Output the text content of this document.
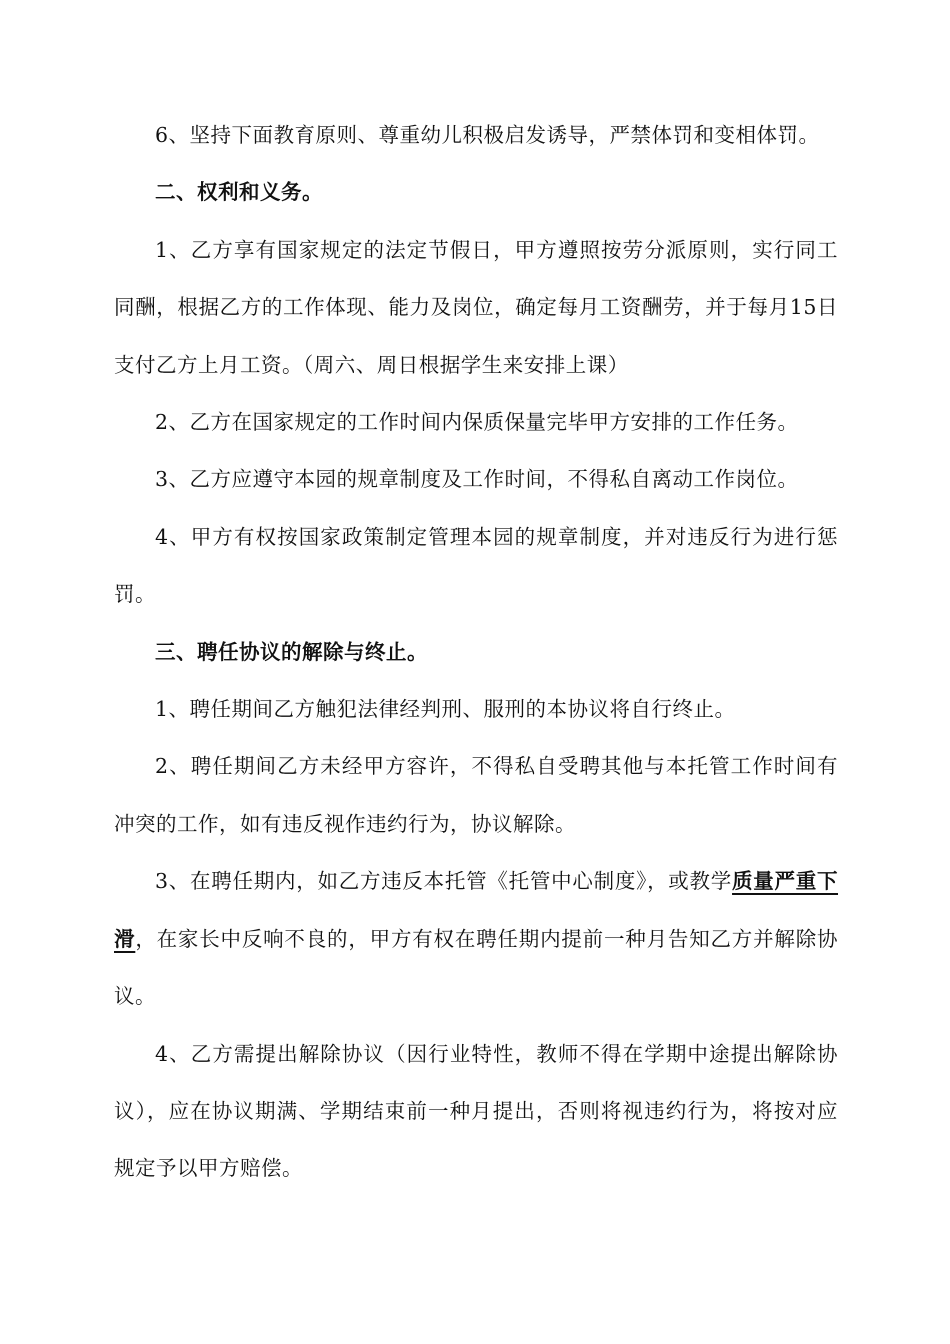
6、坚持下面教育原则、尊重幼儿积极启发诱导，严禁体罚和变相体罚。

二、权利和义务。

1、乙方享有国家规定的法定节假日，甲方遵照按劳分派原则，实行同工同酬，根据乙方的工作体现、能力及岗位，确定每月工资酬劳，并于每月15日支付乙方上月工资。（周六、周日根据学生来安排上课）

2、乙方在国家规定的工作时间内保质保量完毕甲方安排的工作任务。

3、乙方应遵守本园的规章制度及工作时间，不得私自离动工作岗位。

4、甲方有权按国家政策制定管理本园的规章制度，并对违反行为进行惩罚。

三、聘任协议的解除与终止。

1、聘任期间乙方触犯法律经判刑、服刑的本协议将自行终止。

2、聘任期间乙方未经甲方容许，不得私自受聘其他与本托管工作时间有冲突的工作，如有违反视作违约行为，协议解除。

3、在聘任期内，如乙方违反本托管《托管中心制度》，或教学质量严重下滑，在家长中反响不良的，甲方有权在聘任期内提前一种月告知乙方并解除协议。

4、乙方需提出解除协议（因行业特性，教师不得在学期中途提出解除协议），应在协议期满、学期结束前一种月提出，否则将视违约行为，将按对应规定予以甲方赔偿。
